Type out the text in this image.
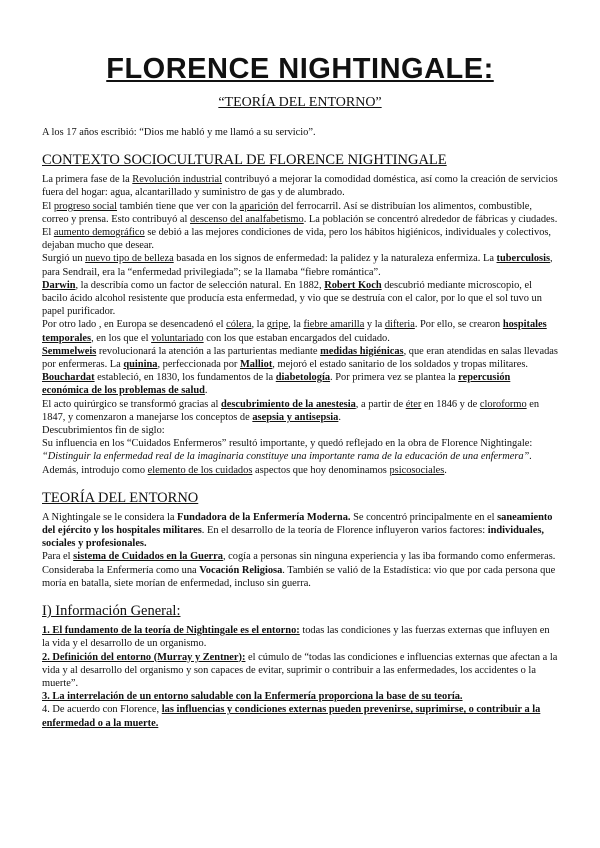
FLORENCE NIGHTINGALE:
“TEORÍA DEL ENTORNO”

A los 17 años escribió: “Dios me habló y me llamó a su servicio”.

CONTEXTO SOCIOCULTURAL DE FLORENCE NIGHTINGALE

La primera fase de la Revolución industrial contribuyó a mejorar la comodidad doméstica, así como la creación de servicios fuera del hogar: agua, alcantarillado y suministro de gas y de alumbrado.

El progreso social también tiene que ver con la aparición del ferrocarril. Así se distribuían los alimentos, combustible, correo y prensa. Esto contribuyó al descenso del analfabetismo. La población se concentró alrededor de fábricas y ciudades. El aumento demográfico se debió a las mejores condiciones de vida, pero los hábitos higiénicos, individuales y colectivos, dejaban mucho que desear.

Surgió un nuevo tipo de belleza basada en los signos de enfermedad: la palidez y la naturaleza enfermiza. La tuberculosis, para Sendrail, era la “enfermedad privilegiada”; se la llamaba “fiebre romántica”.

Darwin, la describía como un factor de selección natural. En 1882, Robert Koch descubrió mediante microscopio, el bacilo ácido alcohol resistente que producía esta enfermedad, y vio que se destruía con el calor, por lo que el sol tuvo un papel purificador.

Por otro lado , en Europa se desencadenó el cólera, la gripe, la fiebre amarilla y la difteria. Por ello, se crearon hospitales temporales, en los que el voluntariado con los que estaban encargados del cuidado.

Semmelweis revolucionará la atención a las parturientas mediante medidas higiénicas, que eran atendidas en salas llevadas por enfermeras. La quinina, perfeccionada por Malliot, mejoró el estado sanitario de los soldados y tropas militares. Bouchardat estableció, en 1830, los fundamentos de la diabetología. Por primera vez se plantea la repercusión económica de los problemas de salud.

El acto quirúrgico se transformó gracias al descubrimiento de la anestesia, a partir de éter en 1846 y de cloroformo en 1847, y comenzaron a manejarse los conceptos de asepsia y antisepsia.

Descubrimientos fin de siglo:

Su influencia en los “Cuidados Enfermeros” resultó importante, y quedó reflejado en la obra de Florence Nightingale: “Distinguir la enfermedad real de la imaginaria constituye una importante rama de la educación de una enfermera”. Además, introdujo como elemento de los cuidados aspectos que hoy denominamos psicosociales.

TEORÍA DEL ENTORNO

A Nightingale se le considera la Fundadora de la Enfermería Moderna. Se concentró principalmente en el saneamiento del ejército y los hospitales militares. En el desarrollo de la teoría de Florence influyeron varios factores: individuales, sociales y profesionales.

Para el sistema de Cuidados en la Guerra, cogía a personas sin ninguna experiencia y las iba formando como enfermeras. Consideraba la Enfermería como una Vocación Religiosa. También se valió de la Estadística: vio que por cada persona que moría en batalla, siete morían de enfermedad, incluso sin guerra.

I) Información General:

1. El fundamento de la teoría de Nightingale es el entorno: todas las condiciones y las fuerzas externas que influyen en la vida y el desarrollo de un organismo.

2. Definición del entorno (Murray y Zentner): el cúmulo de “todas las condiciones e influencias externas que afectan a la vida y al desarrollo del organismo y son capaces de evitar, suprimir o contribuir a las enfermedades, los accidentes o la muerte”.

3. La interrelación de un entorno saludable con la Enfermería proporciona la base de su teoría.

4. De acuerdo con Florence, las influencias y condiciones externas pueden prevenirse, suprimirse, o contribuir a la enfermedad o a la muerte.
